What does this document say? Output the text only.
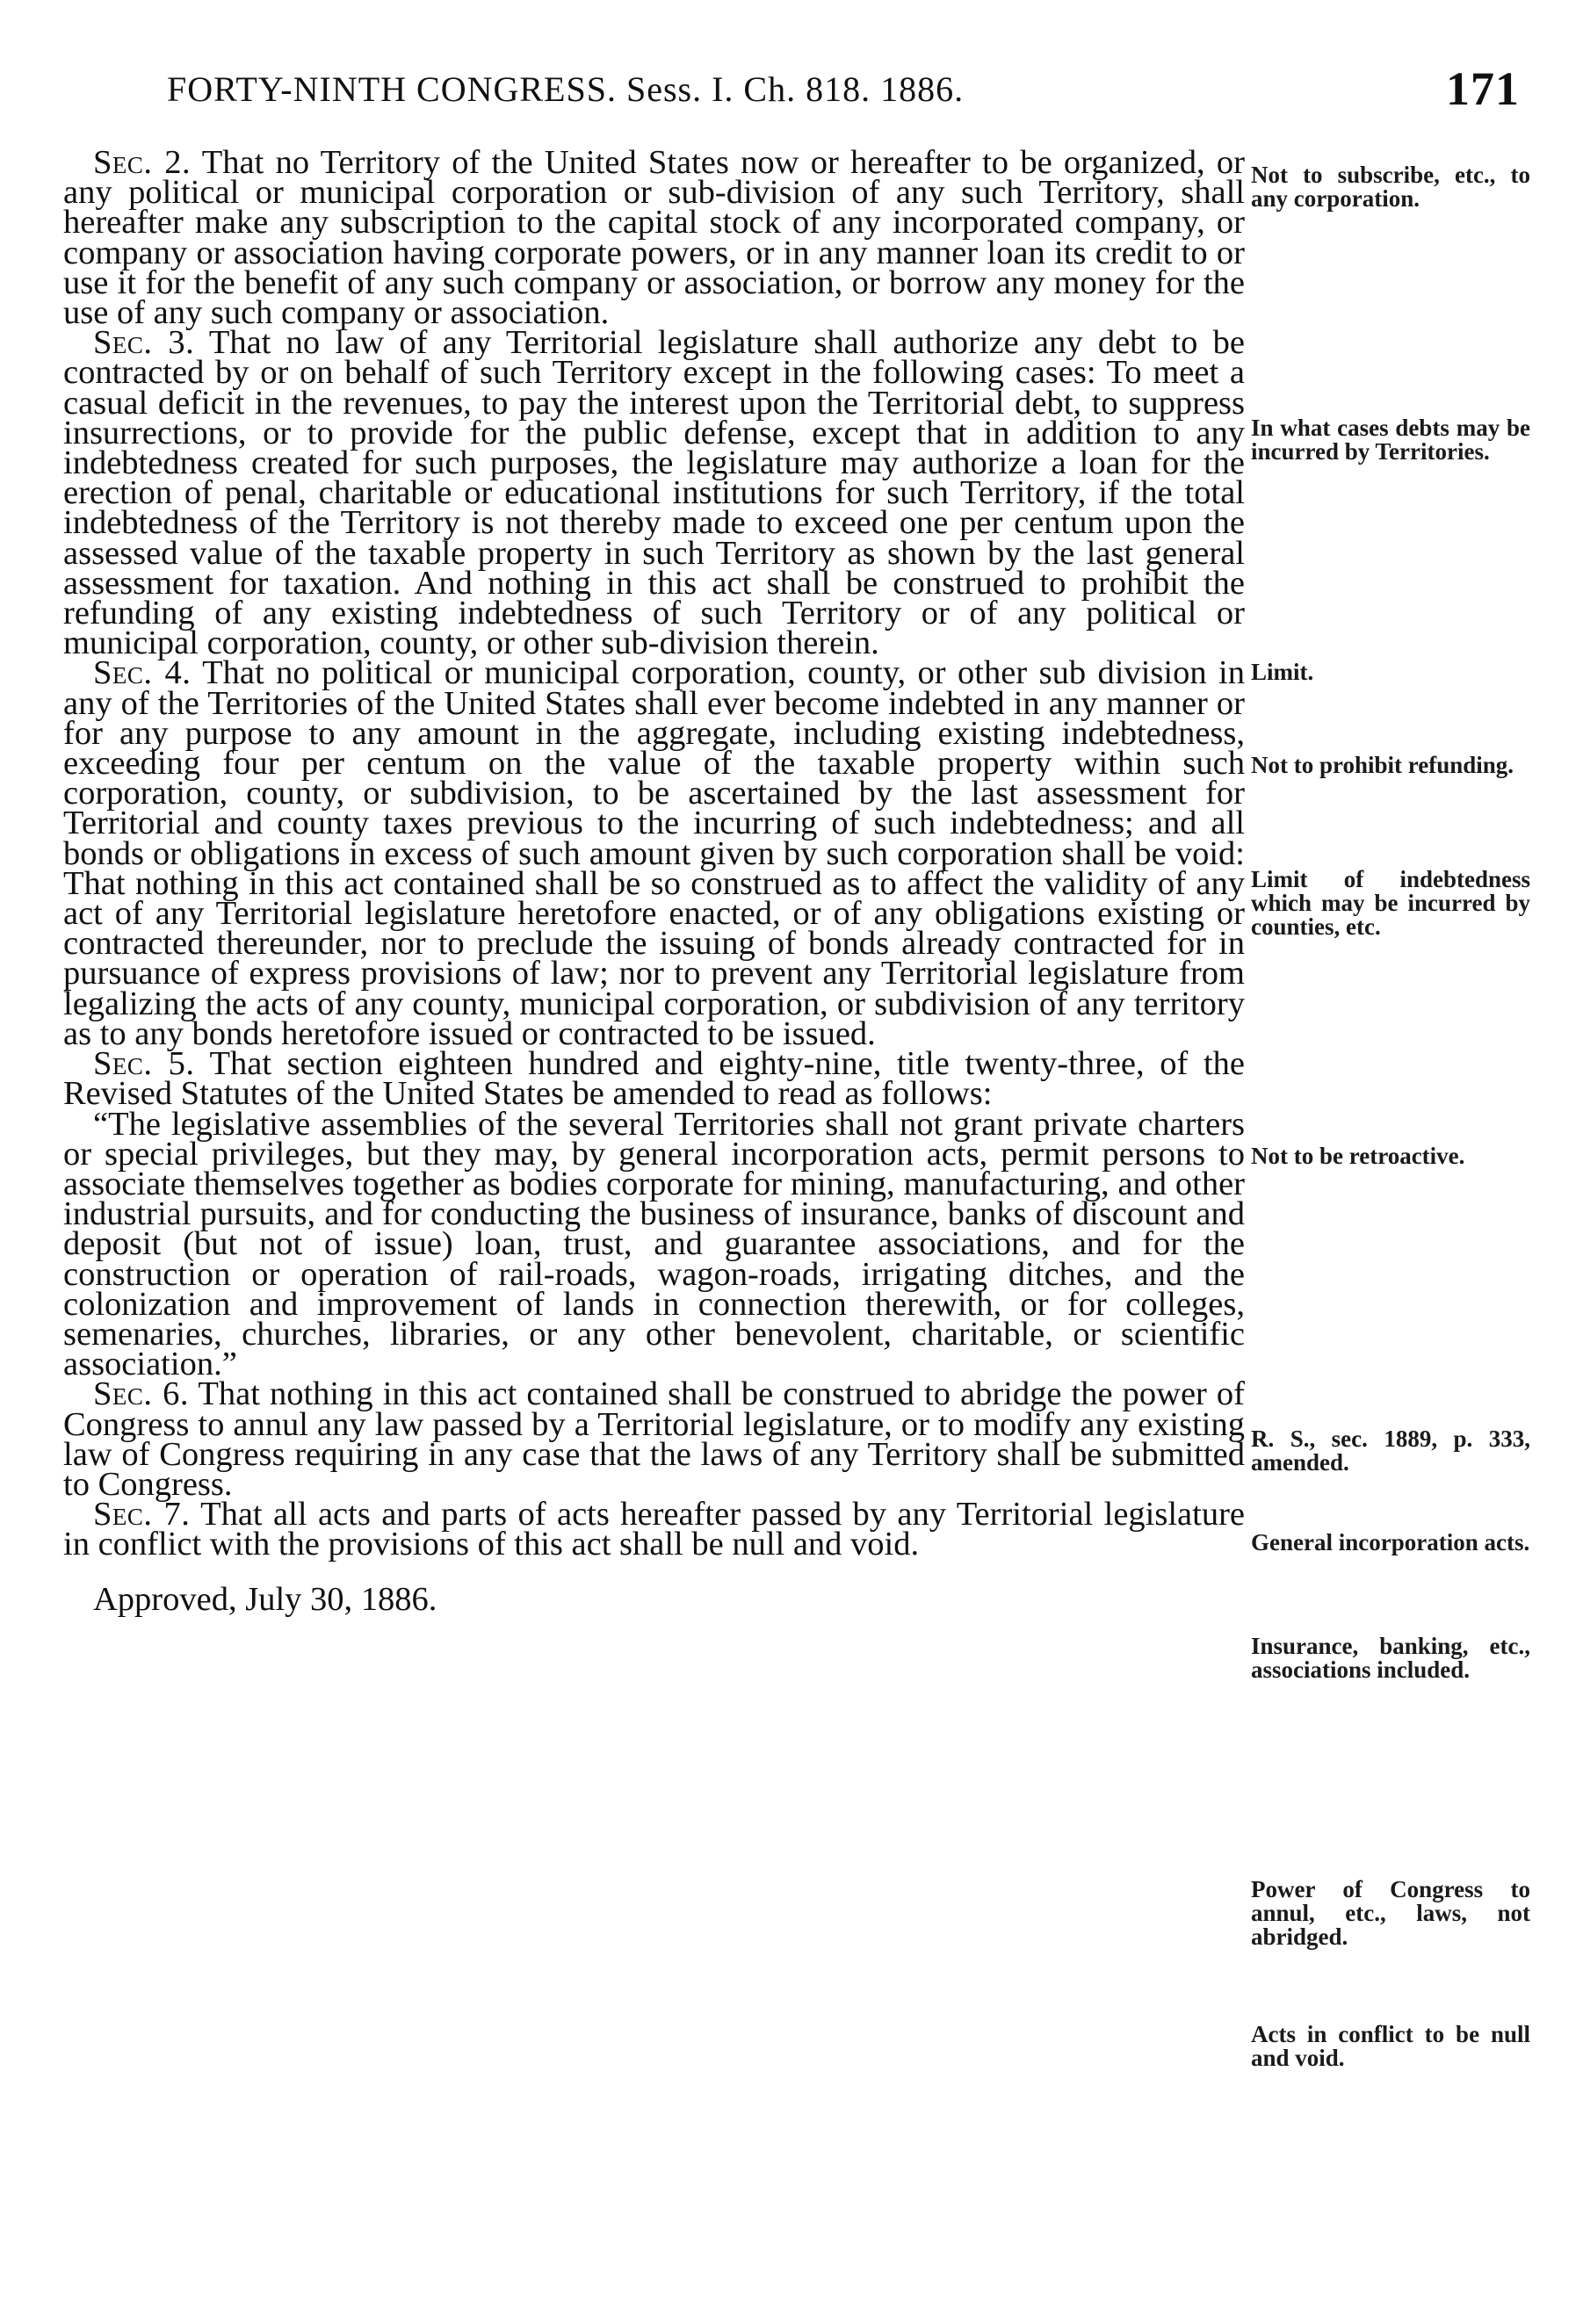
FORTY-NINTH CONGRESS. Sess. I. Ch. 818. 1886.	171

Sec. 2. That no Territory of the United States now or hereafter to be organized, or any political or municipal corporation or sub-division of any such Territory, shall hereafter make any subscription to the capital stock of any incorporated company, or company or association having corporate powers, or in any manner loan its credit to or use it for the benefit of any such company or association, or borrow any money for the use of any such company or association.

Sec. 3. That no law of any Territorial legislature shall authorize any debt to be contracted by or on behalf of such Territory except in the following cases: To meet a casual deficit in the revenues, to pay the interest upon the Territorial debt, to suppress insurrections, or to provide for the public defense, except that in addition to any indebtedness created for such purposes, the legislature may authorize a loan for the erection of penal, charitable or educational institutions for such Territory, if the total indebtedness of the Territory is not thereby made to exceed one per centum upon the assessed value of the taxable property in such Territory as shown by the last general assessment for taxation. And nothing in this act shall be construed to prohibit the refunding of any existing indebtedness of such Territory or of any political or municipal corporation, county, or other sub-division therein.

Sec. 4. That no political or municipal corporation, county, or other sub division in any of the Territories of the United States shall ever become indebted in any manner or for any purpose to any amount in the aggregate, including existing indebtedness, exceeding four per centum on the value of the taxable property within such corporation, county, or subdivision, to be ascertained by the last assessment for Territorial and county taxes previous to the incurring of such indebtedness; and all bonds or obligations in excess of such amount given by such corporation shall be void: That nothing in this act contained shall be so construed as to affect the validity of any act of any Territorial legislature heretofore enacted, or of any obligations existing or contracted thereunder, nor to preclude the issuing of bonds already contracted for in pursuance of express provisions of law; nor to prevent any Territorial legislature from legalizing the acts of any county, municipal corporation, or subdivision of any territory as to any bonds heretofore issued or contracted to be issued.

Sec. 5. That section eighteen hundred and eighty-nine, title twenty-three, of the Revised Statutes of the United States be amended to read as follows:

“The legislative assemblies of the several Territories shall not grant private charters or special privileges, but they may, by general incorporation acts, permit persons to associate themselves together as bodies corporate for mining, manufacturing, and other industrial pursuits, and for conducting the business of insurance, banks of discount and deposit (but not of issue) loan, trust, and guarantee associations, and for the construction or operation of rail-roads, wagon-roads, irrigating ditches, and the colonization and improvement of lands in connection therewith, or for colleges, semenaries, churches, libraries, or any other benevolent, charitable, or scientific association.”

Sec. 6. That nothing in this act contained shall be construed to abridge the power of Congress to annul any law passed by a Territorial legislature, or to modify any existing law of Congress requiring in any case that the laws of any Territory shall be submitted to Congress.

Sec. 7. That all acts and parts of acts hereafter passed by any Territorial legislature in conflict with the provisions of this act shall be null and void.

Approved, July 30, 1886.

Not to subscribe, etc., to any corporation.
In what cases debts may be incurred by Territories.
Limit.
Not to prohibit refunding.
Limit of indebtedness which may be incurred by counties, etc.
Not to be retroactive.
R. S., sec. 1889, p. 333, amended.
General incorporation acts.
Insurance, banking, etc., associations included.
Power of Congress to annul, etc., laws, not abridged.
Acts in conflict to be null and void.
